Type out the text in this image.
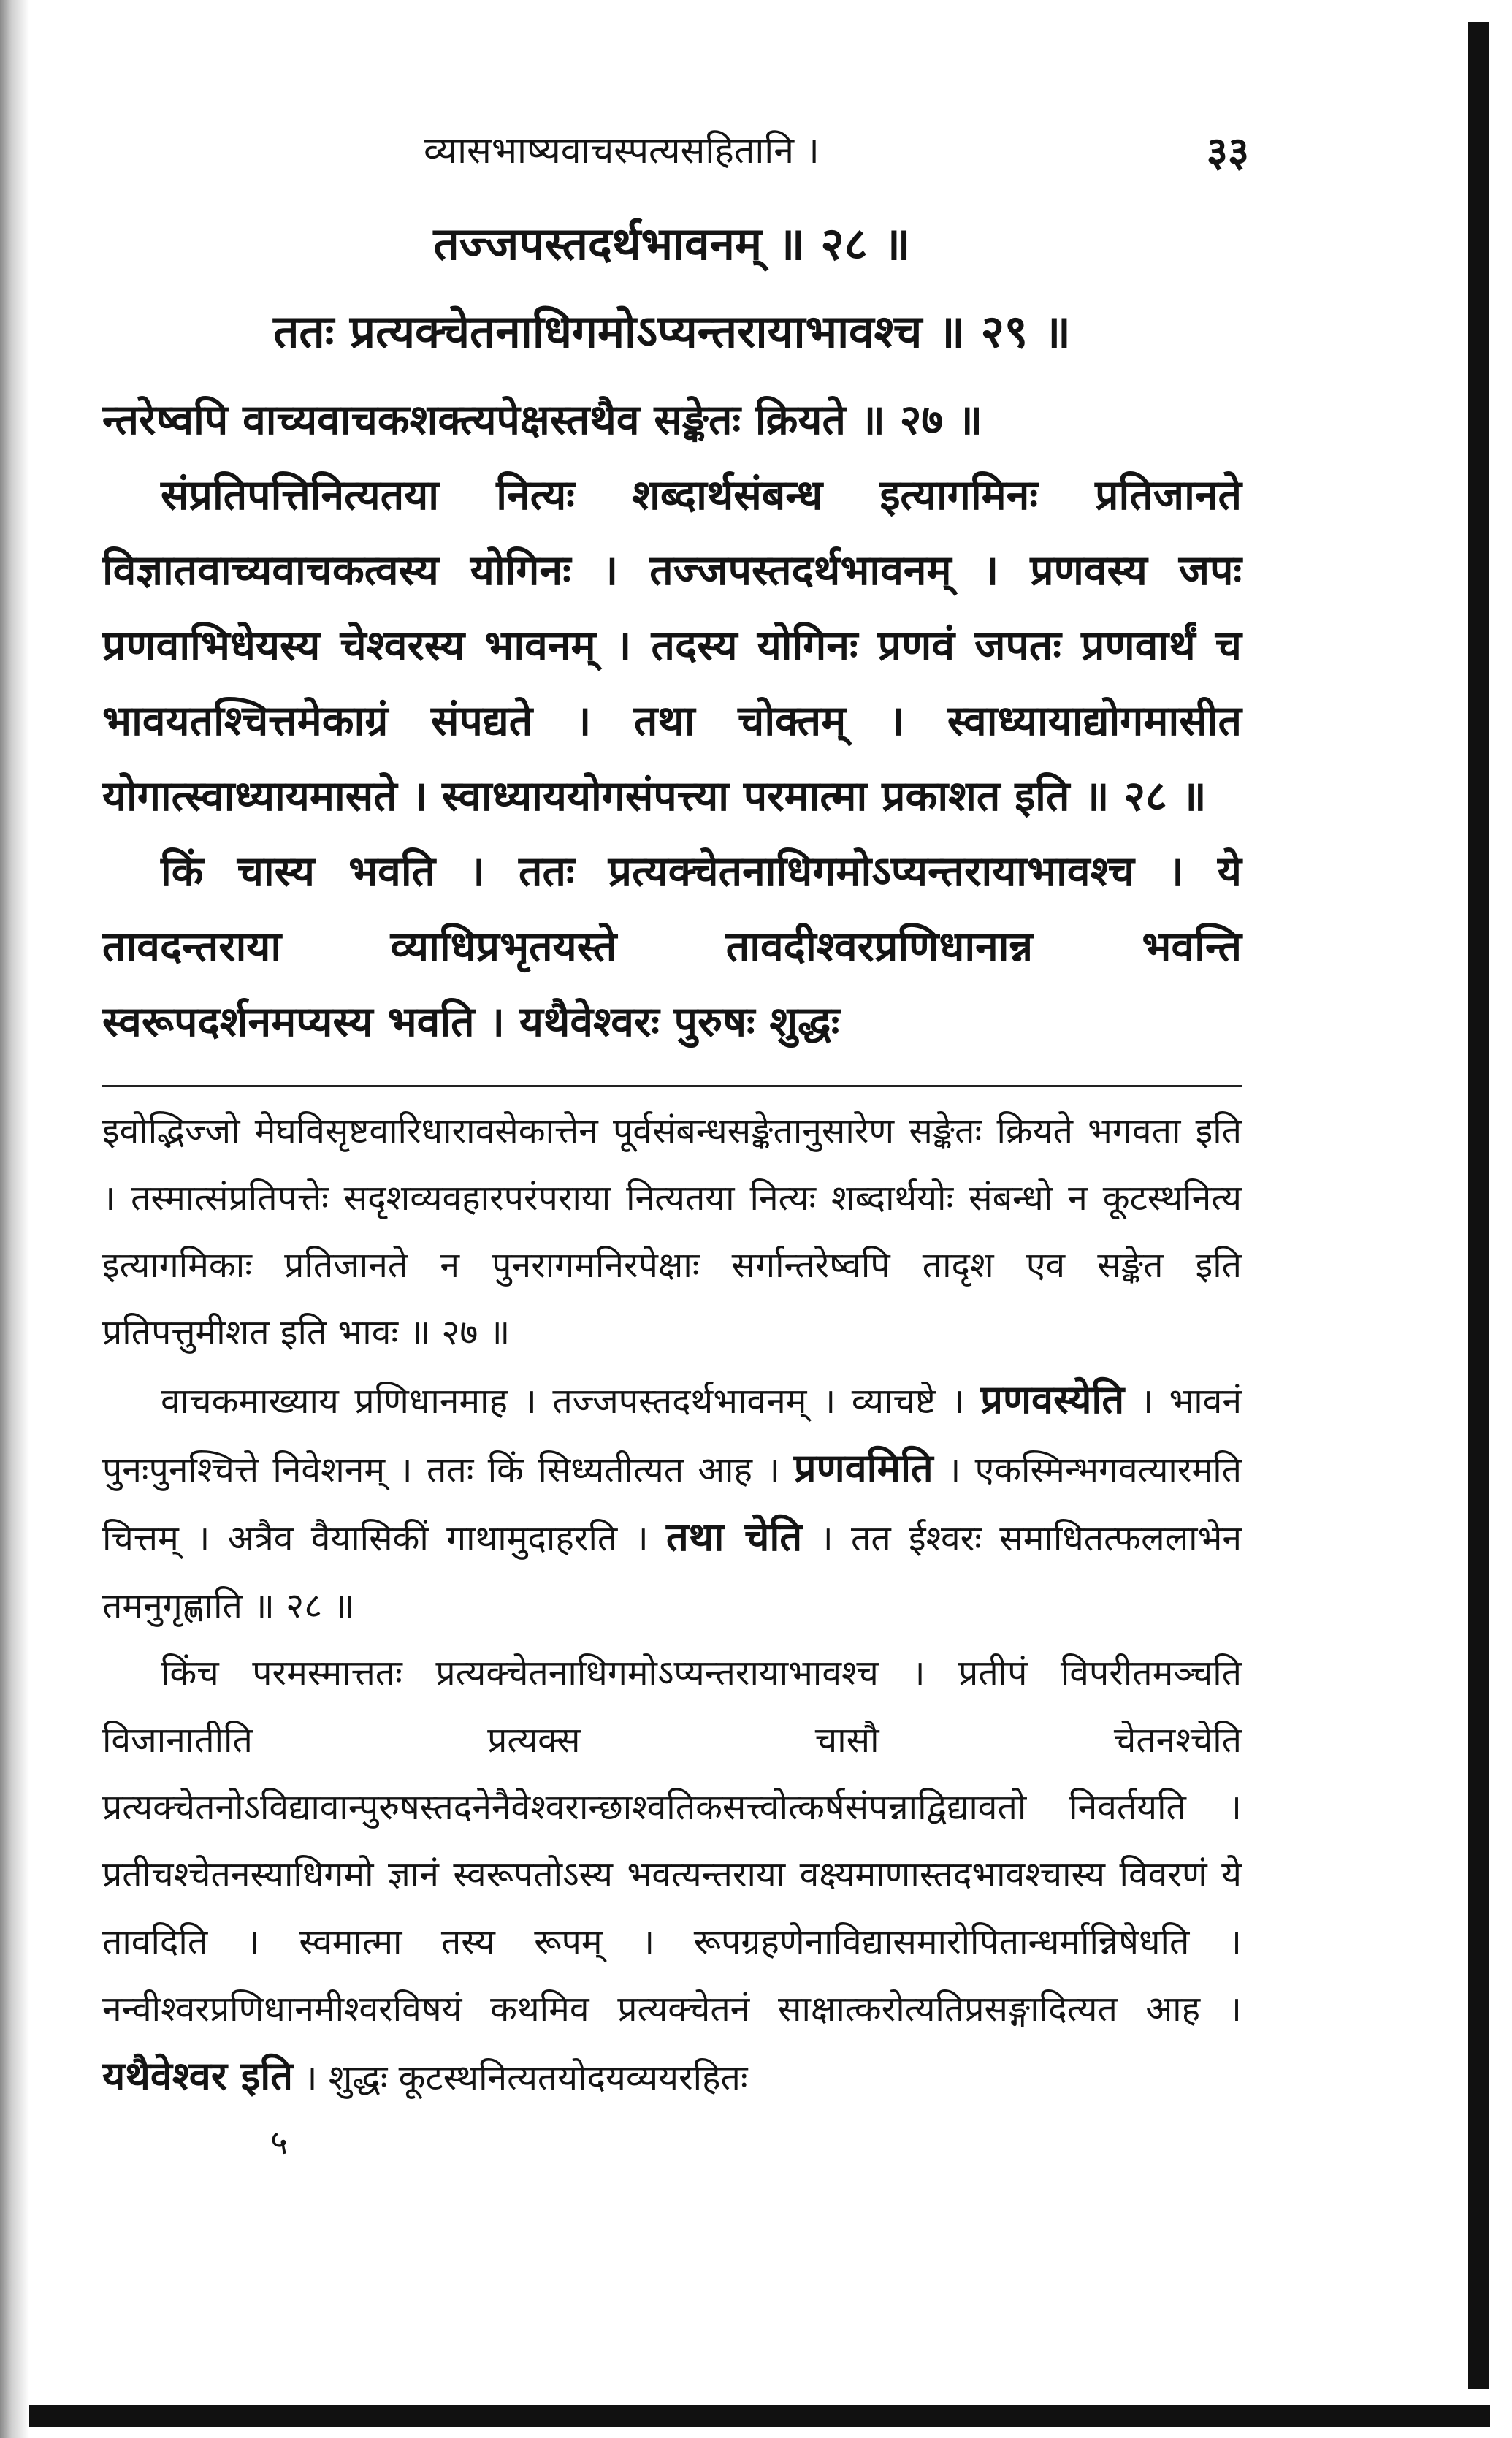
व्यासभाष्यवाचस्पत्यसहितानि ।	३३
तज्जपस्तदर्थभावनम् ॥ २८ ॥
ततः प्रत्यक्चेतनाधिगमोऽप्यन्तरायाभावश्च ॥ २९ ॥

न्तरेष्वपि वाच्यवाचकशक्त्यपेक्षस्तथैव सङ्केतः क्रियते ॥ २७ ॥

संप्रतिपत्तिनित्यतया नित्यः शब्दार्थसंबन्ध इत्यागमिनः प्रतिजानते विज्ञातवाच्यवाचकत्वस्य योगिनः । तज्जपस्तदर्थभावनम् । प्रणवस्य जपः प्रणवाभिधेयस्य चेश्वरस्य भावनम् । तदस्य योगिनः प्रणवं जपतः प्रणवार्थं च भावयतश्चित्तमेकाग्रं संपद्यते । तथा चोक्तम् । स्वाध्यायाद्योगमासीत योगात्स्वाध्यायमासते । स्वाध्याययोगसंपत्त्या परमात्मा प्रकाशत इति ॥ २८ ॥

किं चास्य भवति । ततः प्रत्यक्चेतनाधिगमोऽप्यन्तरायाभावश्च । ये तावदन्तराया व्याधिप्रभृतयस्ते तावदीश्वरप्रणिधानान्न भवन्ति स्वरूपदर्शनमप्यस्य भवति । यथैवेश्वरः पुरुषः शुद्धः

इवोद्भिज्जो मेघविसृष्टवारिधारावसेकात्तेन पूर्वसंबन्धसङ्केतानुसारेण सङ्केतः क्रियते भगवता इति । तस्मात्संप्रतिपत्तेः सदृशव्यवहारपरंपराया नित्यतया नित्यः शब्दार्थयोः संबन्धो न कूटस्थनित्य इत्यागमिकाः प्रतिजानते न पुनरागमनिरपेक्षाः सर्गान्तरेष्वपि तादृश एव सङ्केत इति प्रतिपत्तुमीशत इति भावः ॥ २७ ॥

वाचकमाख्याय प्रणिधानमाह । तज्जपस्तदर्थभावनम् । व्याचष्टे । प्रणवस्येति । भावनं पुनःपुनश्चित्ते निवेशनम् । ततः किं सिध्यतीत्यत आह । प्रणवमिति । एकस्मिन्भगवत्यारमति चित्तम् । अत्रैव वैयासिकीं गाथामुदाहरति । तथा चेति । तत ईश्वरः समाधितत्फललाभेन तमनुगृह्णाति ॥ २८ ॥

किंच परमस्मात्ततः प्रत्यक्चेतनाधिगमोऽप्यन्तरायाभावश्च । प्रतीपं विपरीतमञ्चति विजानातीति प्रत्यक्स चासौ चेतनश्चेति प्रत्यक्चेतनोऽविद्यावान्पुरुषस्तदनेनैवेश्वरान्छाश्वतिकसत्त्वोत्कर्षसंपन्नाद्विद्यावतो निवर्तयति । प्रतीचश्चेतनस्याधिगमो ज्ञानं स्वरूपतोऽस्य भवत्यन्तराया वक्ष्यमाणास्तदभावश्चास्य विवरणं ये तावदिति । स्वमात्मा तस्य रूपम् । रूपग्रहणेनाविद्यासमारोपितान्धर्मान्निषेधति । नन्वीश्वरप्रणिधानमीश्वरविषयं कथमिव प्रत्यक्चेतनं साक्षात्करोत्यतिप्रसङ्गादित्यत आह । यथैवेश्वर इति । शुद्धः कूटस्थनित्यतयोदयव्ययरहितः

५
